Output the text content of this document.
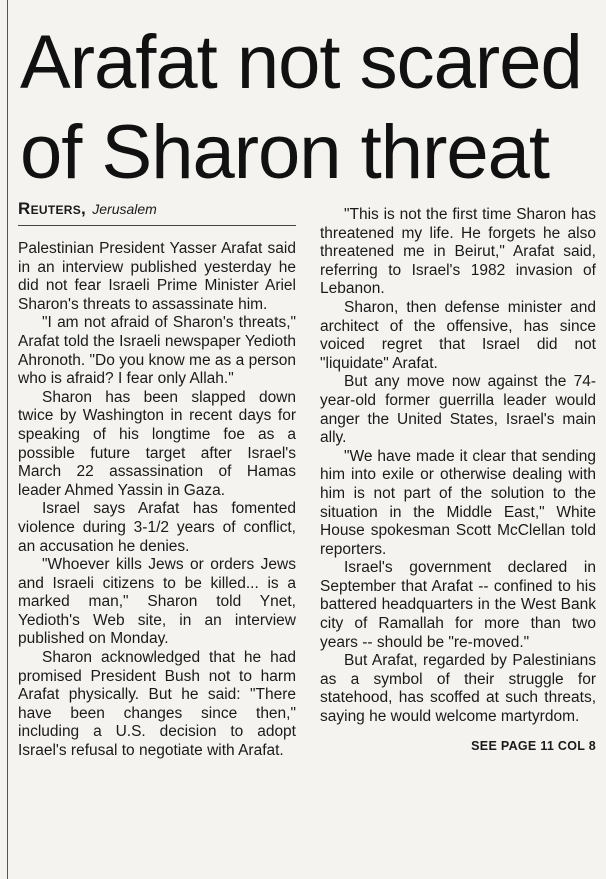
Arafat not scared of Sharon threat
Reuters, Jerusalem

Palestinian President Yasser Arafat said in an interview published yesterday he did not fear Israeli Prime Minister Ariel Sharon's threats to assassinate him.

"I am not afraid of Sharon's threats," Arafat told the Israeli newspaper Yedioth Ahronoth. "Do you know me as a person who is afraid? I fear only Allah."

Sharon has been slapped down twice by Washington in recent days for speaking of his longtime foe as a possible future target after Israel's March 22 assassination of Hamas leader Ahmed Yassin in Gaza.

Israel says Arafat has fomented violence during 3-1/2 years of conflict, an accusation he denies.

"Whoever kills Jews or orders Jews and Israeli citizens to be killed... is a marked man," Sharon told Ynet, Yedioth's Web site, in an interview published on Monday.

Sharon acknowledged that he had promised President Bush not to harm Arafat physically. But he said: "There have been changes since then," including a U.S. decision to adopt Israel's refusal to negotiate with Arafat.

"This is not the first time Sharon has threatened my life. He forgets he also threatened me in Beirut," Arafat said, referring to Israel's 1982 invasion of Lebanon.

Sharon, then defense minister and architect of the offensive, has since voiced regret that Israel did not "liquidate" Arafat.

But any move now against the 74-year-old former guerrilla leader would anger the United States, Israel's main ally.

"We have made it clear that sending him into exile or otherwise dealing with him is not part of the solution to the situation in the Middle East," White House spokesman Scott McClellan told reporters.

Israel's government declared in September that Arafat -- confined to his battered headquarters in the West Bank city of Ramallah for more than two years -- should be "re-moved."

But Arafat, regarded by Palestinians as a symbol of their struggle for statehood, has scoffed at such threats, saying he would welcome martyrdom.

SEE PAGE 11 COL 8
